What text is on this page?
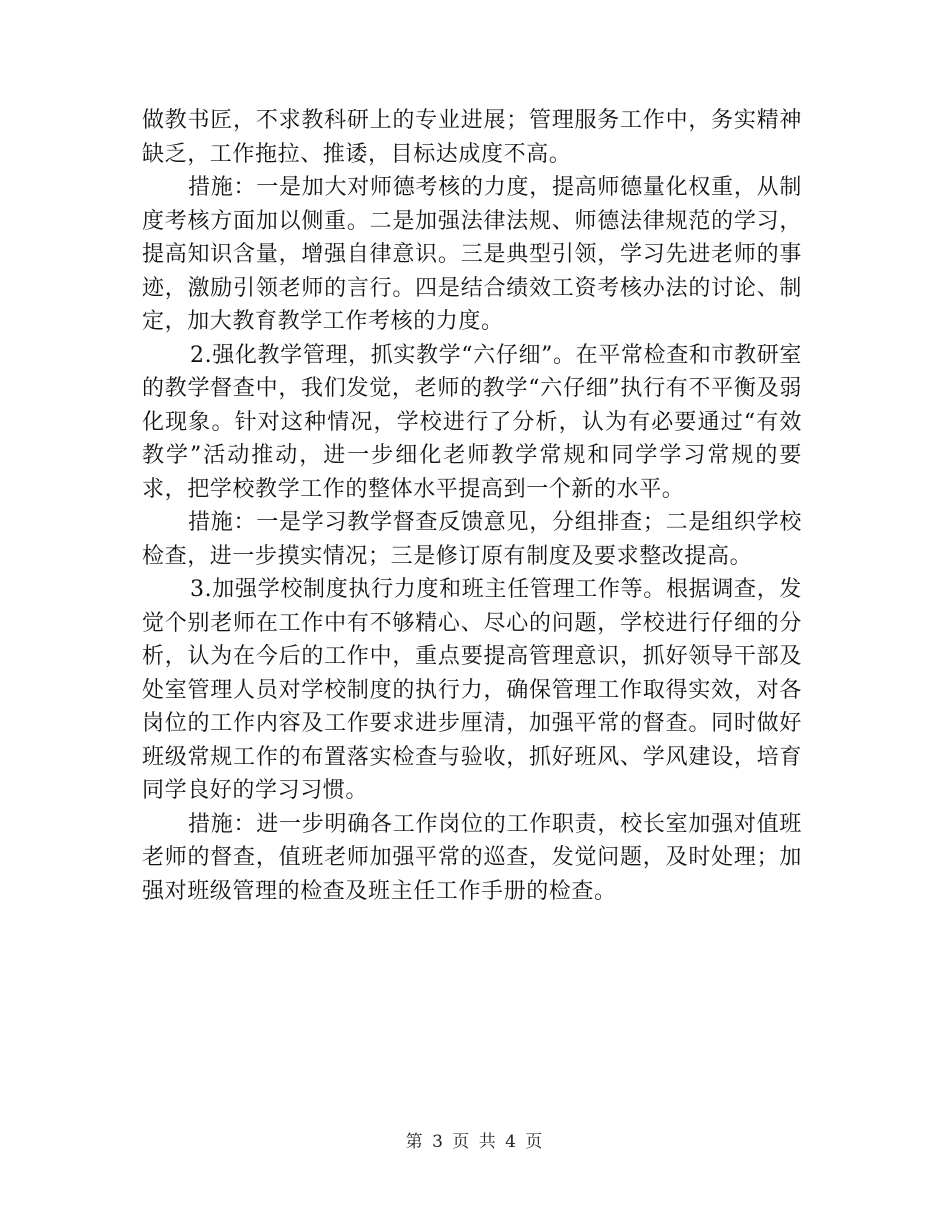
做教书匠，不求教科研上的专业进展；管理服务工作中，务实精神缺乏，工作拖拉、推诿，目标达成度不高。

措施：一是加大对师德考核的力度，提高师德量化权重，从制度考核方面加以侧重。二是加强法律法规、师德法律规范的学习，提高知识含量，增强自律意识。三是典型引领，学习先进老师的事迹，激励引领老师的言行。四是结合绩效工资考核办法的讨论、制定，加大教育教学工作考核的力度。

2.强化教学管理，抓实教学“六仔细”。在平常检查和市教研室的教学督查中，我们发觉，老师的教学“六仔细”执行有不平衡及弱化现象。针对这种情况，学校进行了分析，认为有必要通过“有效教学”活动推动，进一步细化老师教学常规和同学学习常规的要求，把学校教学工作的整体水平提高到一个新的水平。

措施：一是学习教学督查反馈意见，分组排查；二是组织学校检查，进一步摸实情况；三是修订原有制度及要求整改提高。

3.加强学校制度执行力度和班主任管理工作等。根据调查，发觉个别老师在工作中有不够精心、尽心的问题，学校进行仔细的分析，认为在今后的工作中，重点要提高管理意识，抓好领导干部及处室管理人员对学校制度的执行力，确保管理工作取得实效，对各岗位的工作内容及工作要求进步厘清，加强平常的督查。同时做好班级常规工作的布置落实检查与验收，抓好班风、学风建设，培育同学良好的学习习惯。

措施：进一步明确各工作岗位的工作职责，校长室加强对值班老师的督查，值班老师加强平常的巡查，发觉问题，及时处理；加强对班级管理的检查及班主任工作手册的检查。

第 3 页 共 4 页
